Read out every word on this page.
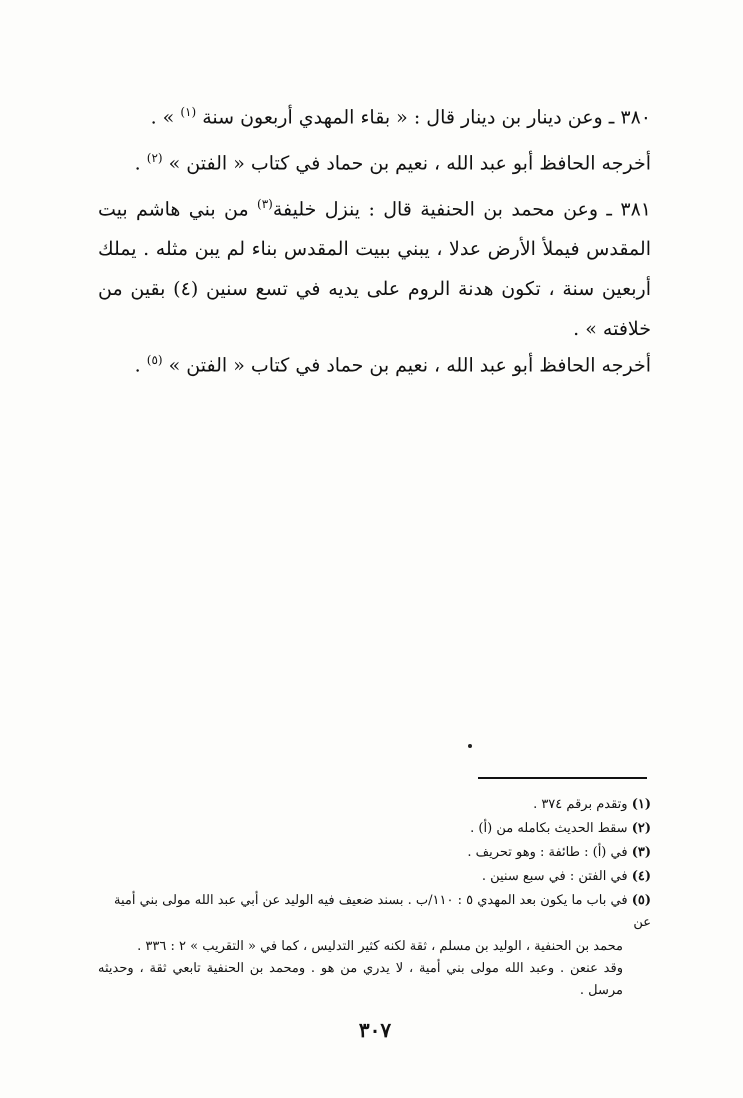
٣٨٠ ـ وعن دينار بن دينار قال : « بقاء المهدي أربعون سنة $^{(١)}$ » .

أخرجه الحافظ أبو عبد الله ، نعيم بن حماد في كتاب « الفتن » $^{(٢)}$ .

٣٨١ ـ وعن محمد بن الحنفية قال : ينزل خليفة$^{(٣)}$ من بني هاشم بيت المقدس فيملأ الأرض عدلا ، يبني ببيت المقدس بناء لم يبن مثله . يملك أربعين سنة ، تكون هدنة الروم على يديه في تسع سنين (٤) بقين من خلافته » .

أخرجه الحافظ أبو عبد الله ، نعيم بن حماد في كتاب « الفتن » $^{(٥)}$ .

(١) وتقدم برقم ٣٧٤ .

(٢) سقط الحديث بكامله من (أ) .

(٣) في (أ) : طائفة : وهو تحريف .

(٤) في الفتن : في سبع سنين .

(٥) في باب ما يكون بعد المهدي ٥ : ١١٠/ب . بسند ضعيف فيه الوليد عن أبي عبد الله مولى بني أمية عن

محمد بن الحنفية ، الوليد بن مسلم ، ثقة لكنه كثير التدليس ، كما في « التقريب » ٢ : ٣٣٦ .

وقد عنعن . وعبد الله مولى بني أمية ، لا يدري من هو . ومحمد بن الحنفية تابعي ثقة ، وحديثه مرسل .

٣٠٧
